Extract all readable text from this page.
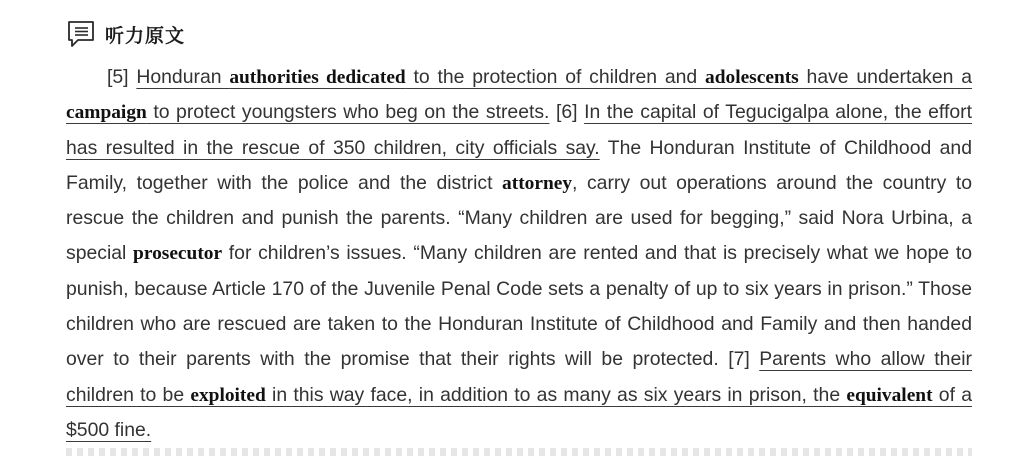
听力原文

[5] Honduran authorities dedicated to the protection of children and adolescents have undertaken a campaign to protect youngsters who beg on the streets. [6] In the capital of Tegucigalpa alone, the effort has resulted in the rescue of 350 children, city officials say. The Honduran Institute of Childhood and Family, together with the police and the district attorney, carry out operations around the country to rescue the children and punish the parents. “Many children are used for begging,” said Nora Urbina, a special prosecutor for children’s issues. “Many children are rented and that is precisely what we hope to punish, because Article 170 of the Juvenile Penal Code sets a penalty of up to six years in prison.” Those children who are rescued are taken to the Honduran Institute of Childhood and Family and then handed over to their parents with the promise that their rights will be protected. [7] Parents who allow their children to be exploited in this way face, in addition to as many as six years in prison, the equivalent of a $500 fine.
